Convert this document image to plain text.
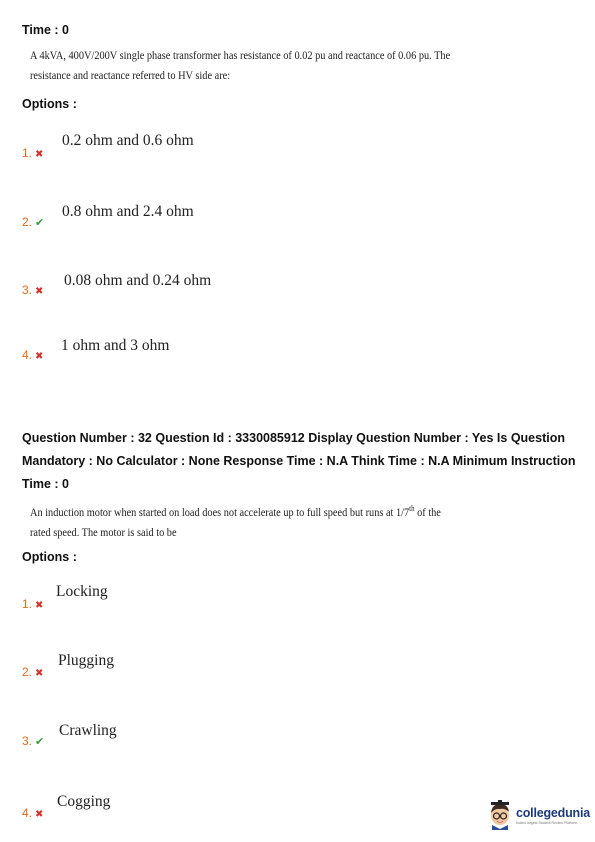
Time : 0
A 4kVA, 400V/200V single phase transformer has resistance of 0.02 pu and reactance of 0.06 pu. The
resistance and reactance referred to HV side are:
Options :
1. ✖
0.2 ohm and 0.6 ohm
2. ✔
0.8 ohm and 2.4 ohm
3. ✖
0.08 ohm and 0.24 ohm
4. ✖
1 ohm and 3 ohm
Question Number : 32 Question Id : 3330085912 Display Question Number : Yes Is Question
Mandatory : No Calculator : None Response Time : N.A Think Time : N.A Minimum Instruction
Time : 0
An induction motor when started on load does not accelerate up to full speed but runs at 1/7th of the
rated speed. The motor is said to be
Options :
1. ✖
Locking
2. ✖
Plugging
3. ✔
Crawling
4. ✖
Cogging
collegedunia
India's largest Student Review Platform
